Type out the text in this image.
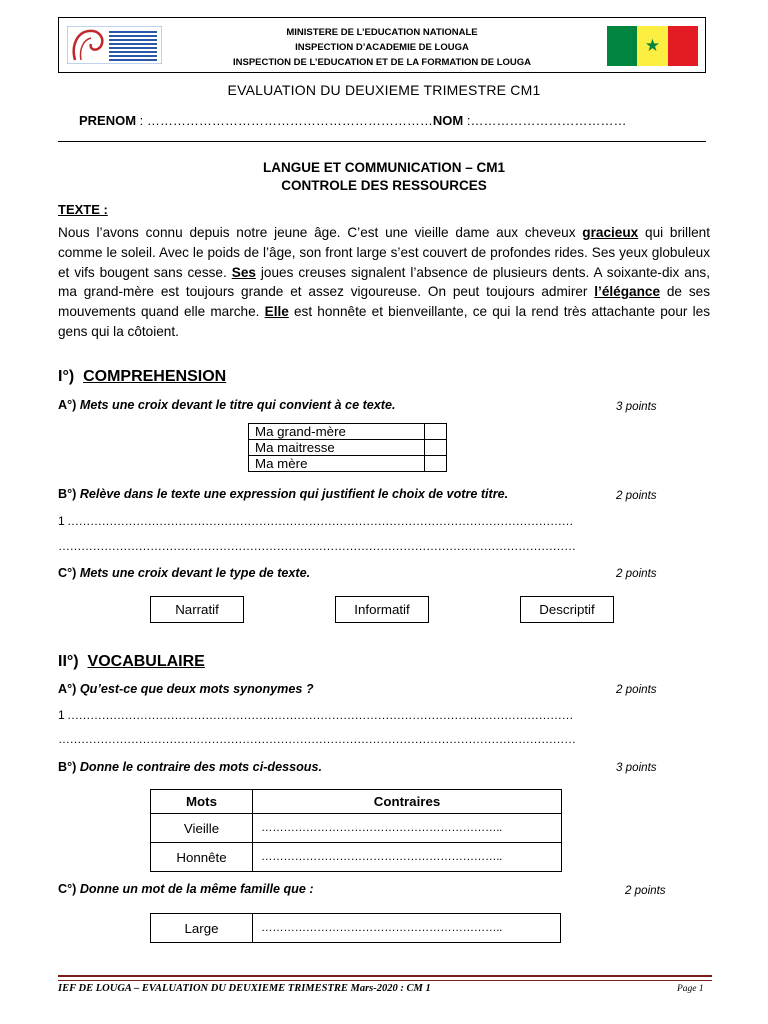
MINISTERE DE L’EDUCATION NATIONALE
INSPECTION D’ACADEMIE DE LOUGA
INSPECTION DE L’EDUCATION ET DE LA FORMATION DE LOUGA
★
EVALUATION DU DEUXIEME TRIMESTRE CM1
PRENOM : …………………………………………………………NOM :………………………………
LANGUE ET COMMUNICATION – CM1
CONTROLE DES RESSOURCES
TEXTE :
Nous l’avons connu depuis notre jeune âge. C’est une vieille dame aux cheveux gracieux qui brillent comme le soleil. Avec le poids de l’âge, son front large s’est couvert de profondes rides. Ses yeux globuleux et vifs bougent sans cesse. Ses joues creuses signalent l’absence de plusieurs dents. A soixante-dix ans, ma grand-mère est toujours grande et assez vigoureuse. On peut toujours admirer l’élégance de ses mouvements quand elle marche. Elle est honnête et bienveillante, ce qui la rend très attachante pour les gens qui la côtoient.
I°) COMPREHENSION
A°) Mets une croix devant le titre qui convient à ce texte.	3 points
Ma grand-mère	
Ma maitresse	
Ma mère	
B°) Relève dans le texte une expression qui justifient le choix de votre titre.	2 points
1 ……………………………………………………………………………………………………………………
………………………………………………………………………………………………………………………
C°) Mets une croix devant le type de texte.	2 points
Narratif	Informatif	Descriptif
II°) VOCABULAIRE
A°) Qu’est-ce que deux mots synonymes ?	2 points
1 ……………………………………………………………………………………………………………………
………………………………………………………………………………………………………………………
B°) Donne le contraire des mots ci-dessous.	3 points
Mots	Contraires
Vieille	………………………………………………………..
Honnête	………………………………………………………..
C°) Donne un mot de la même famille que :	2 points
Large	………………………………………………………..
IEF DE LOUGA – EVALUATION DU DEUXIEME TRIMESTRE Mars-2020 : CM 1	Page 1
